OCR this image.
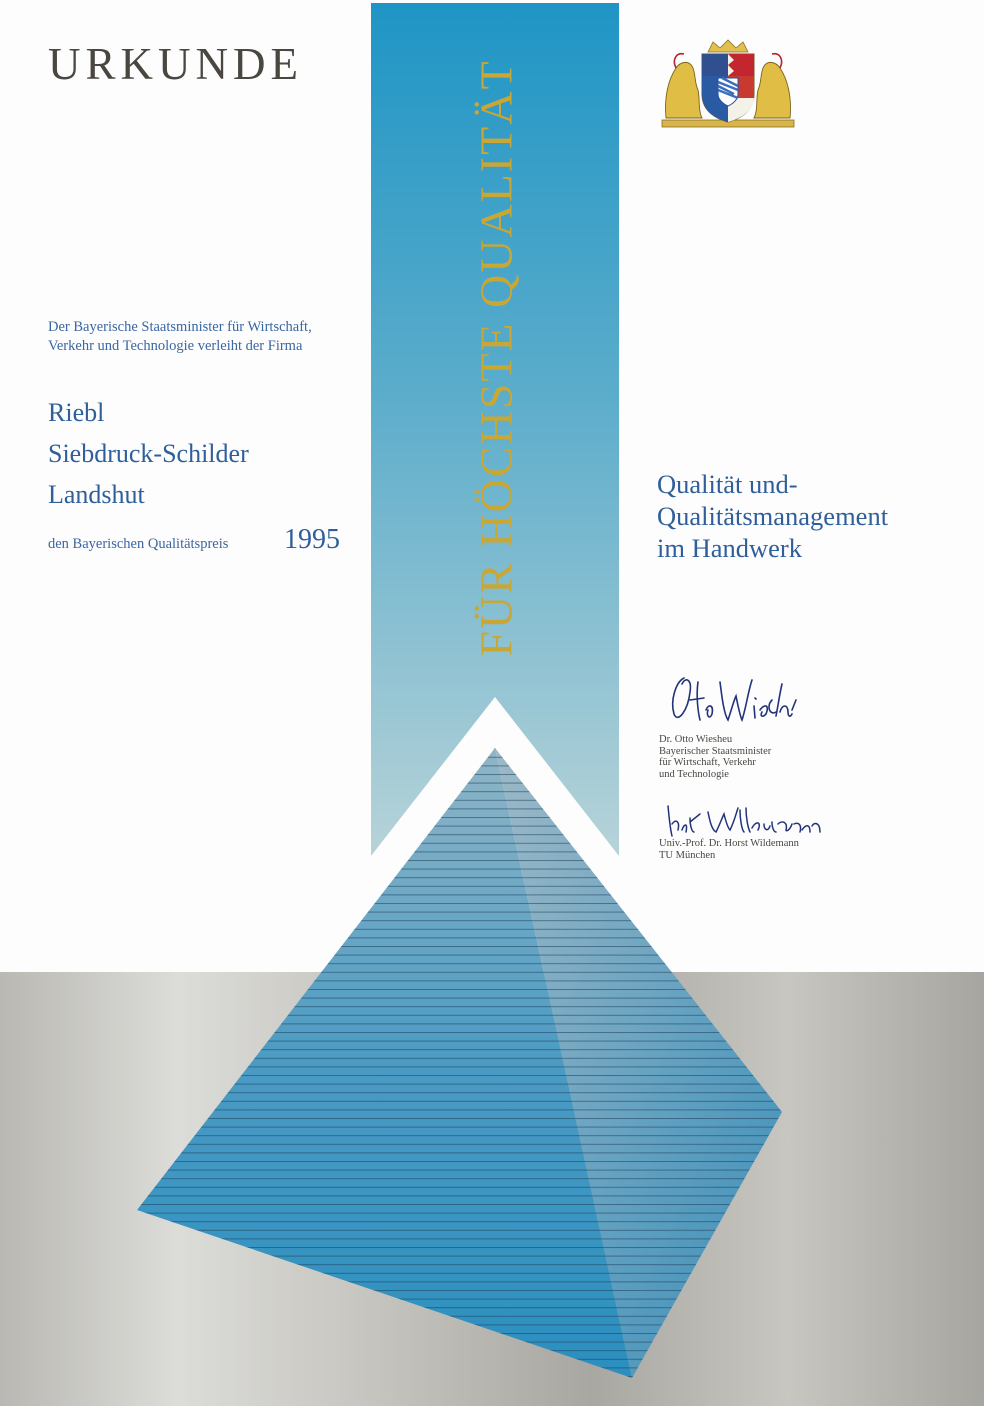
URKUNDE
Der Bayerische Staatsminister für Wirtschaft,
Verkehr und Technologie verleiht der Firma
Riebl
Siebdruck-Schilder
Landshut
den Bayerischen Qualitätspreis 1995	FÜR HÖCHSTE QUALITÄT	Qualität und-
Qualitätsmanagement
im Handwerk
Dr. Otto Wiesheu
Bayerischer Staatsminister
für Wirtschaft, Verkehr
und Technologie
Univ.-Prof. Dr. Horst Wildemann
TU München
